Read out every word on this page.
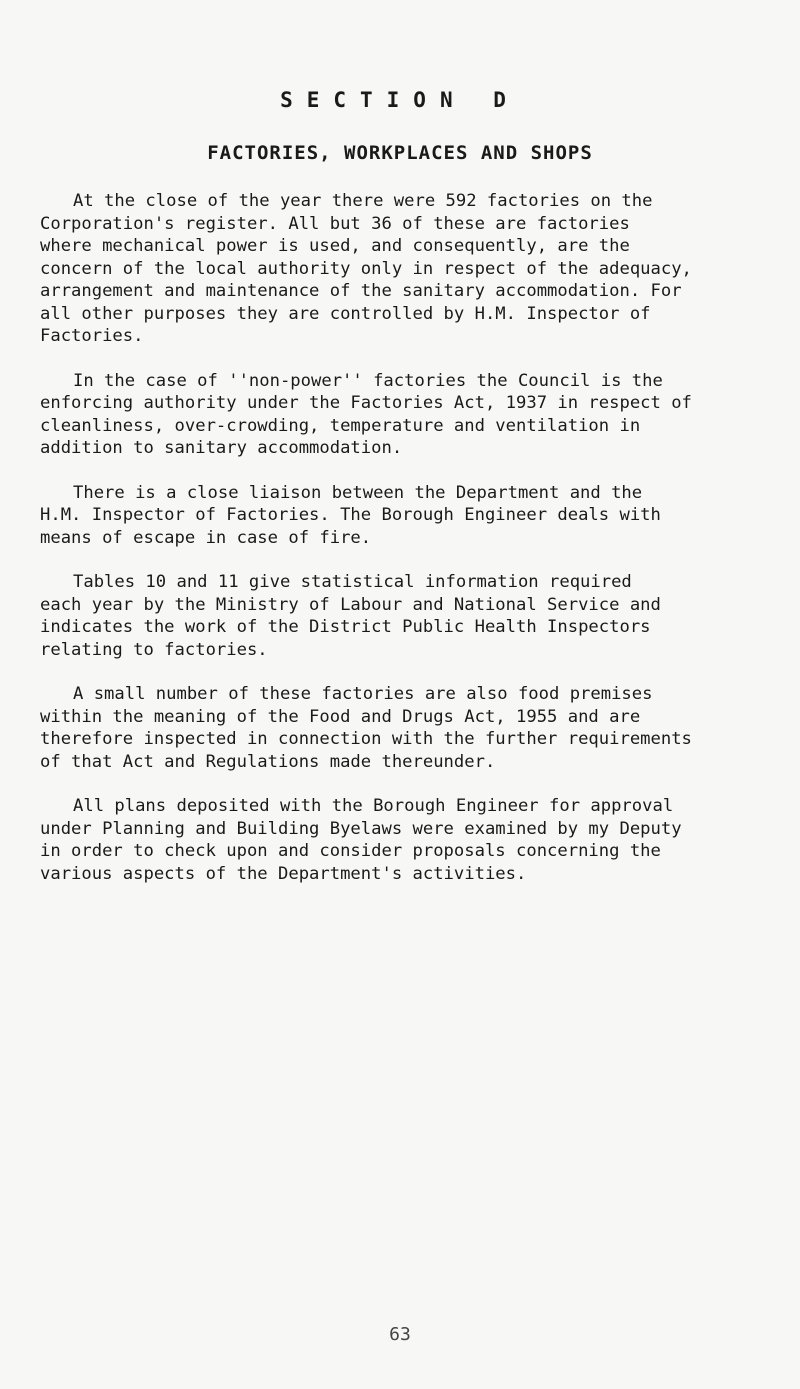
SECTION D
FACTORIES, WORKPLACES AND SHOPS

At the close of the year there were 592 factories on the
Corporation's register. All but 36 of these are factories
where mechanical power is used, and consequently, are the
concern of the local authority only in respect of the adequacy,
arrangement and maintenance of the sanitary accommodation. For
all other purposes they are controlled by H.M. Inspector of
Factories.

In the case of ''non-power'' factories the Council is the
enforcing authority under the Factories Act, 1937 in respect of
cleanliness, over-crowding, temperature and ventilation in
addition to sanitary accommodation.

There is a close liaison between the Department and the
H.M. Inspector of Factories. The Borough Engineer deals with
means of escape in case of fire.

Tables 10 and 11 give statistical information required
each year by the Ministry of Labour and National Service and
indicates the work of the District Public Health Inspectors
relating to factories.

A small number of these factories are also food premises
within the meaning of the Food and Drugs Act, 1955 and are
therefore inspected in connection with the further requirements
of that Act and Regulations made thereunder.

All plans deposited with the Borough Engineer for approval
under Planning and Building Byelaws were examined by my Deputy
in order to check upon and consider proposals concerning the
various aspects of the Department's activities.

63
